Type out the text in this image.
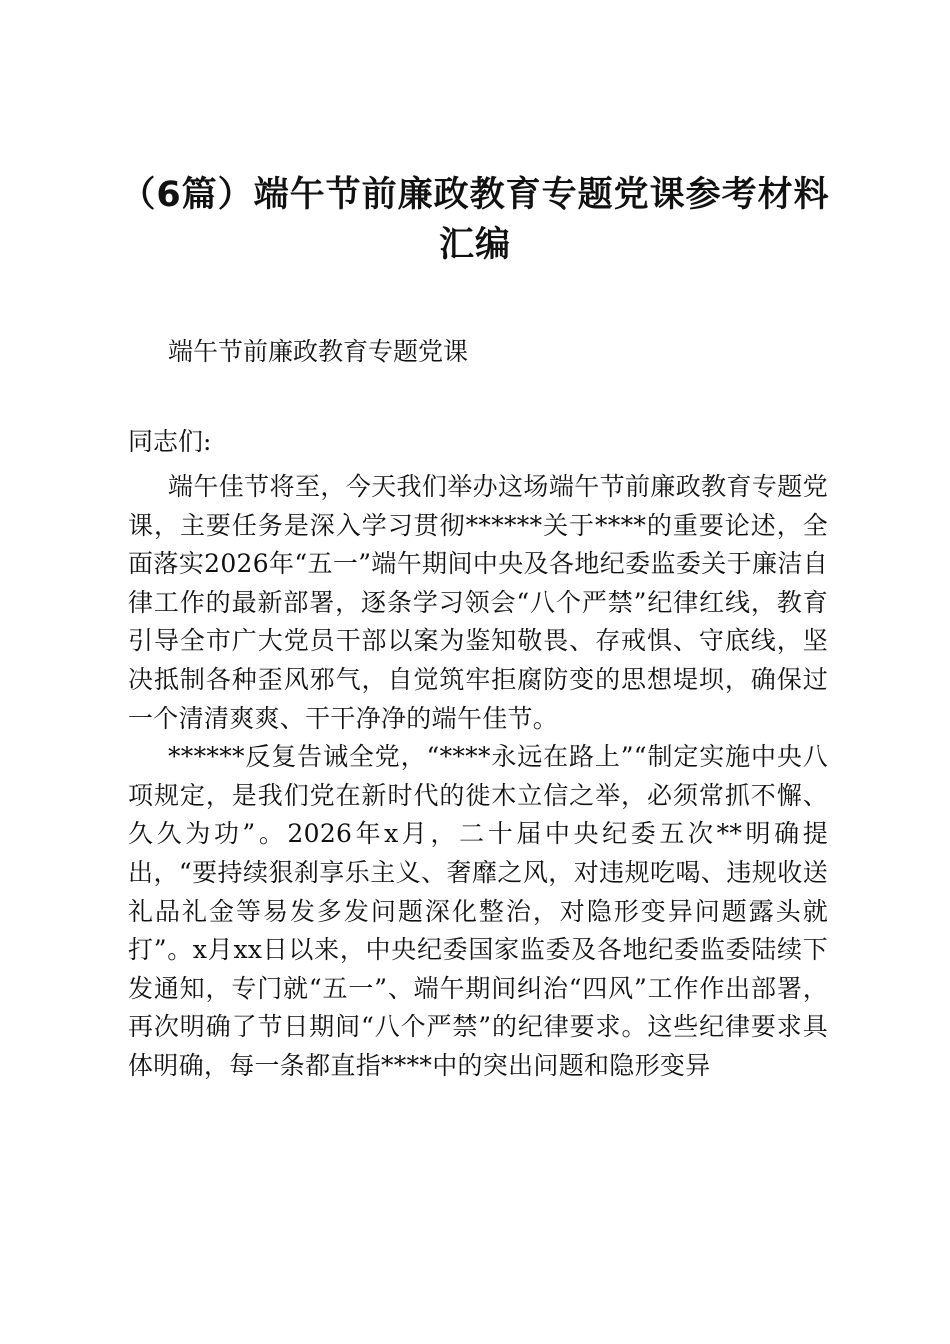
（6篇）端午节前廉政教育专题党课参考材料
汇编

端午节前廉政教育专题党课

同志们:

端午佳节将至，今天我们举办这场端午节前廉政教育专题党课，主要任务是深入学习贯彻******关于****的重要论述，全面落实2026年“五一”端午期间中央及各地纪委监委关于廉洁自律工作的最新部署，逐条学习领会“八个严禁”纪律红线，教育引导全市广大党员干部以案为鉴知敬畏、存戒惧、守底线，坚决抵制各种歪风邪气，自觉筑牢拒腐防变的思想堤坝，确保过一个清清爽爽、干干净净的端午佳节。

******反复告诫全党，“****永远在路上”“制定实施中央八项规定，是我们党在新时代的徙木立信之举，必须常抓不懈、久久为功”。2026年x月，二十届中央纪委五次**明确提出，“要持续狠刹享乐主义、奢靡之风，对违规吃喝、违规收送礼品礼金等易发多发问题深化整治，对隐形变异问题露头就打”。x月xx日以来，中央纪委国家监委及各地纪委监委陆续下发通知，专门就“五一”、端午期间纠治“四风”工作作出部署，再次明确了节日期间“八个严禁”的纪律要求。这些纪律要求具体明确，每一条都直指****中的突出问题和隐形变异
